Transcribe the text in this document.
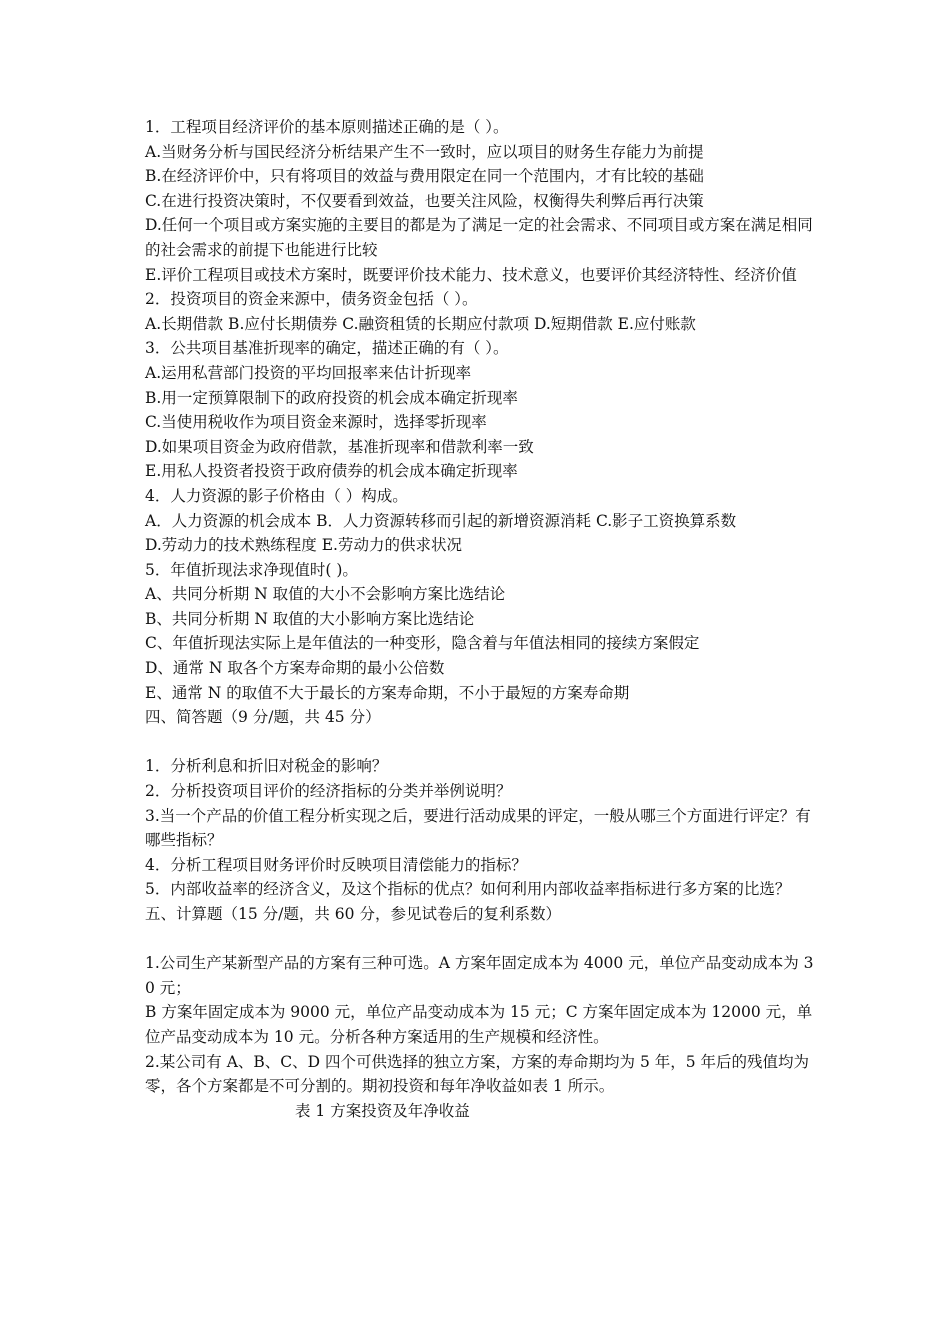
1．工程项目经济评价的基本原则描述正确的是（ ）。
A.当财务分析与国民经济分析结果产生不一致时，应以项目的财务生存能力为前提
B.在经济评价中，只有将项目的效益与费用限定在同一个范围内，才有比较的基础
C.在进行投资决策时，不仅要看到效益，也要关注风险，权衡得失利弊后再行决策
D.任何一个项目或方案实施的主要目的都是为了满足一定的社会需求、不同项目或方案在满足相同的社会需求的前提下也能进行比较
E.评价工程项目或技术方案时，既要评价技术能力、技术意义，也要评价其经济特性、经济价值
2．投资项目的资金来源中，债务资金包括（ ）。
A.长期借款 B.应付长期债券 C.融资租赁的长期应付款项 D.短期借款 E.应付账款
3．公共项目基准折现率的确定，描述正确的有（ ）。
A.运用私营部门投资的平均回报率来估计折现率
B.用一定预算限制下的政府投资的机会成本确定折现率
C.当使用税收作为项目资金来源时，选择零折现率
D.如果项目资金为政府借款，基准折现率和借款利率一致
E.用私人投资者投资于政府债券的机会成本确定折现率
4．人力资源的影子价格由（ ）构成。
A．人力资源的机会成本 B．人力资源转移而引起的新增资源消耗 C.影子工资换算系数
D.劳动力的技术熟练程度 E.劳动力的供求状况
5．年值折现法求净现值时( )。
A、共同分析期 N 取值的大小不会影响方案比选结论
B、共同分析期 N 取值的大小影响方案比选结论
C、年值折现法实际上是年值法的一种变形，隐含着与年值法相同的接续方案假定
D、通常 N 取各个方案寿命期的最小公倍数
E、通常 N 的取值不大于最长的方案寿命期，不小于最短的方案寿命期
四、简答题（9 分/题，共 45 分）
1．分析利息和折旧对税金的影响？
2．分析投资项目评价的经济指标的分类并举例说明？
3.当一个产品的价值工程分析实现之后，要进行活动成果的评定，一般从哪三个方面进行评定？有哪些指标？
4．分析工程项目财务评价时反映项目清偿能力的指标？
5．内部收益率的经济含义，及这个指标的优点？如何利用内部收益率指标进行多方案的比选？
五、计算题（15 分/题，共 60 分，参见试卷后的复利系数）
1.公司生产某新型产品的方案有三种可选。A 方案年固定成本为 4000 元，单位产品变动成本为 30 元；
B 方案年固定成本为 9000 元，单位产品变动成本为 15 元；C 方案年固定成本为 12000 元，单位产品变动成本为 10 元。分析各种方案适用的生产规模和经济性。
2.某公司有 A、B、C、D 四个可供选择的独立方案，方案的寿命期均为 5 年，5 年后的残值均为零，各个方案都是不可分割的。期初投资和每年净收益如表 1 所示。
表 1 方案投资及年净收益
